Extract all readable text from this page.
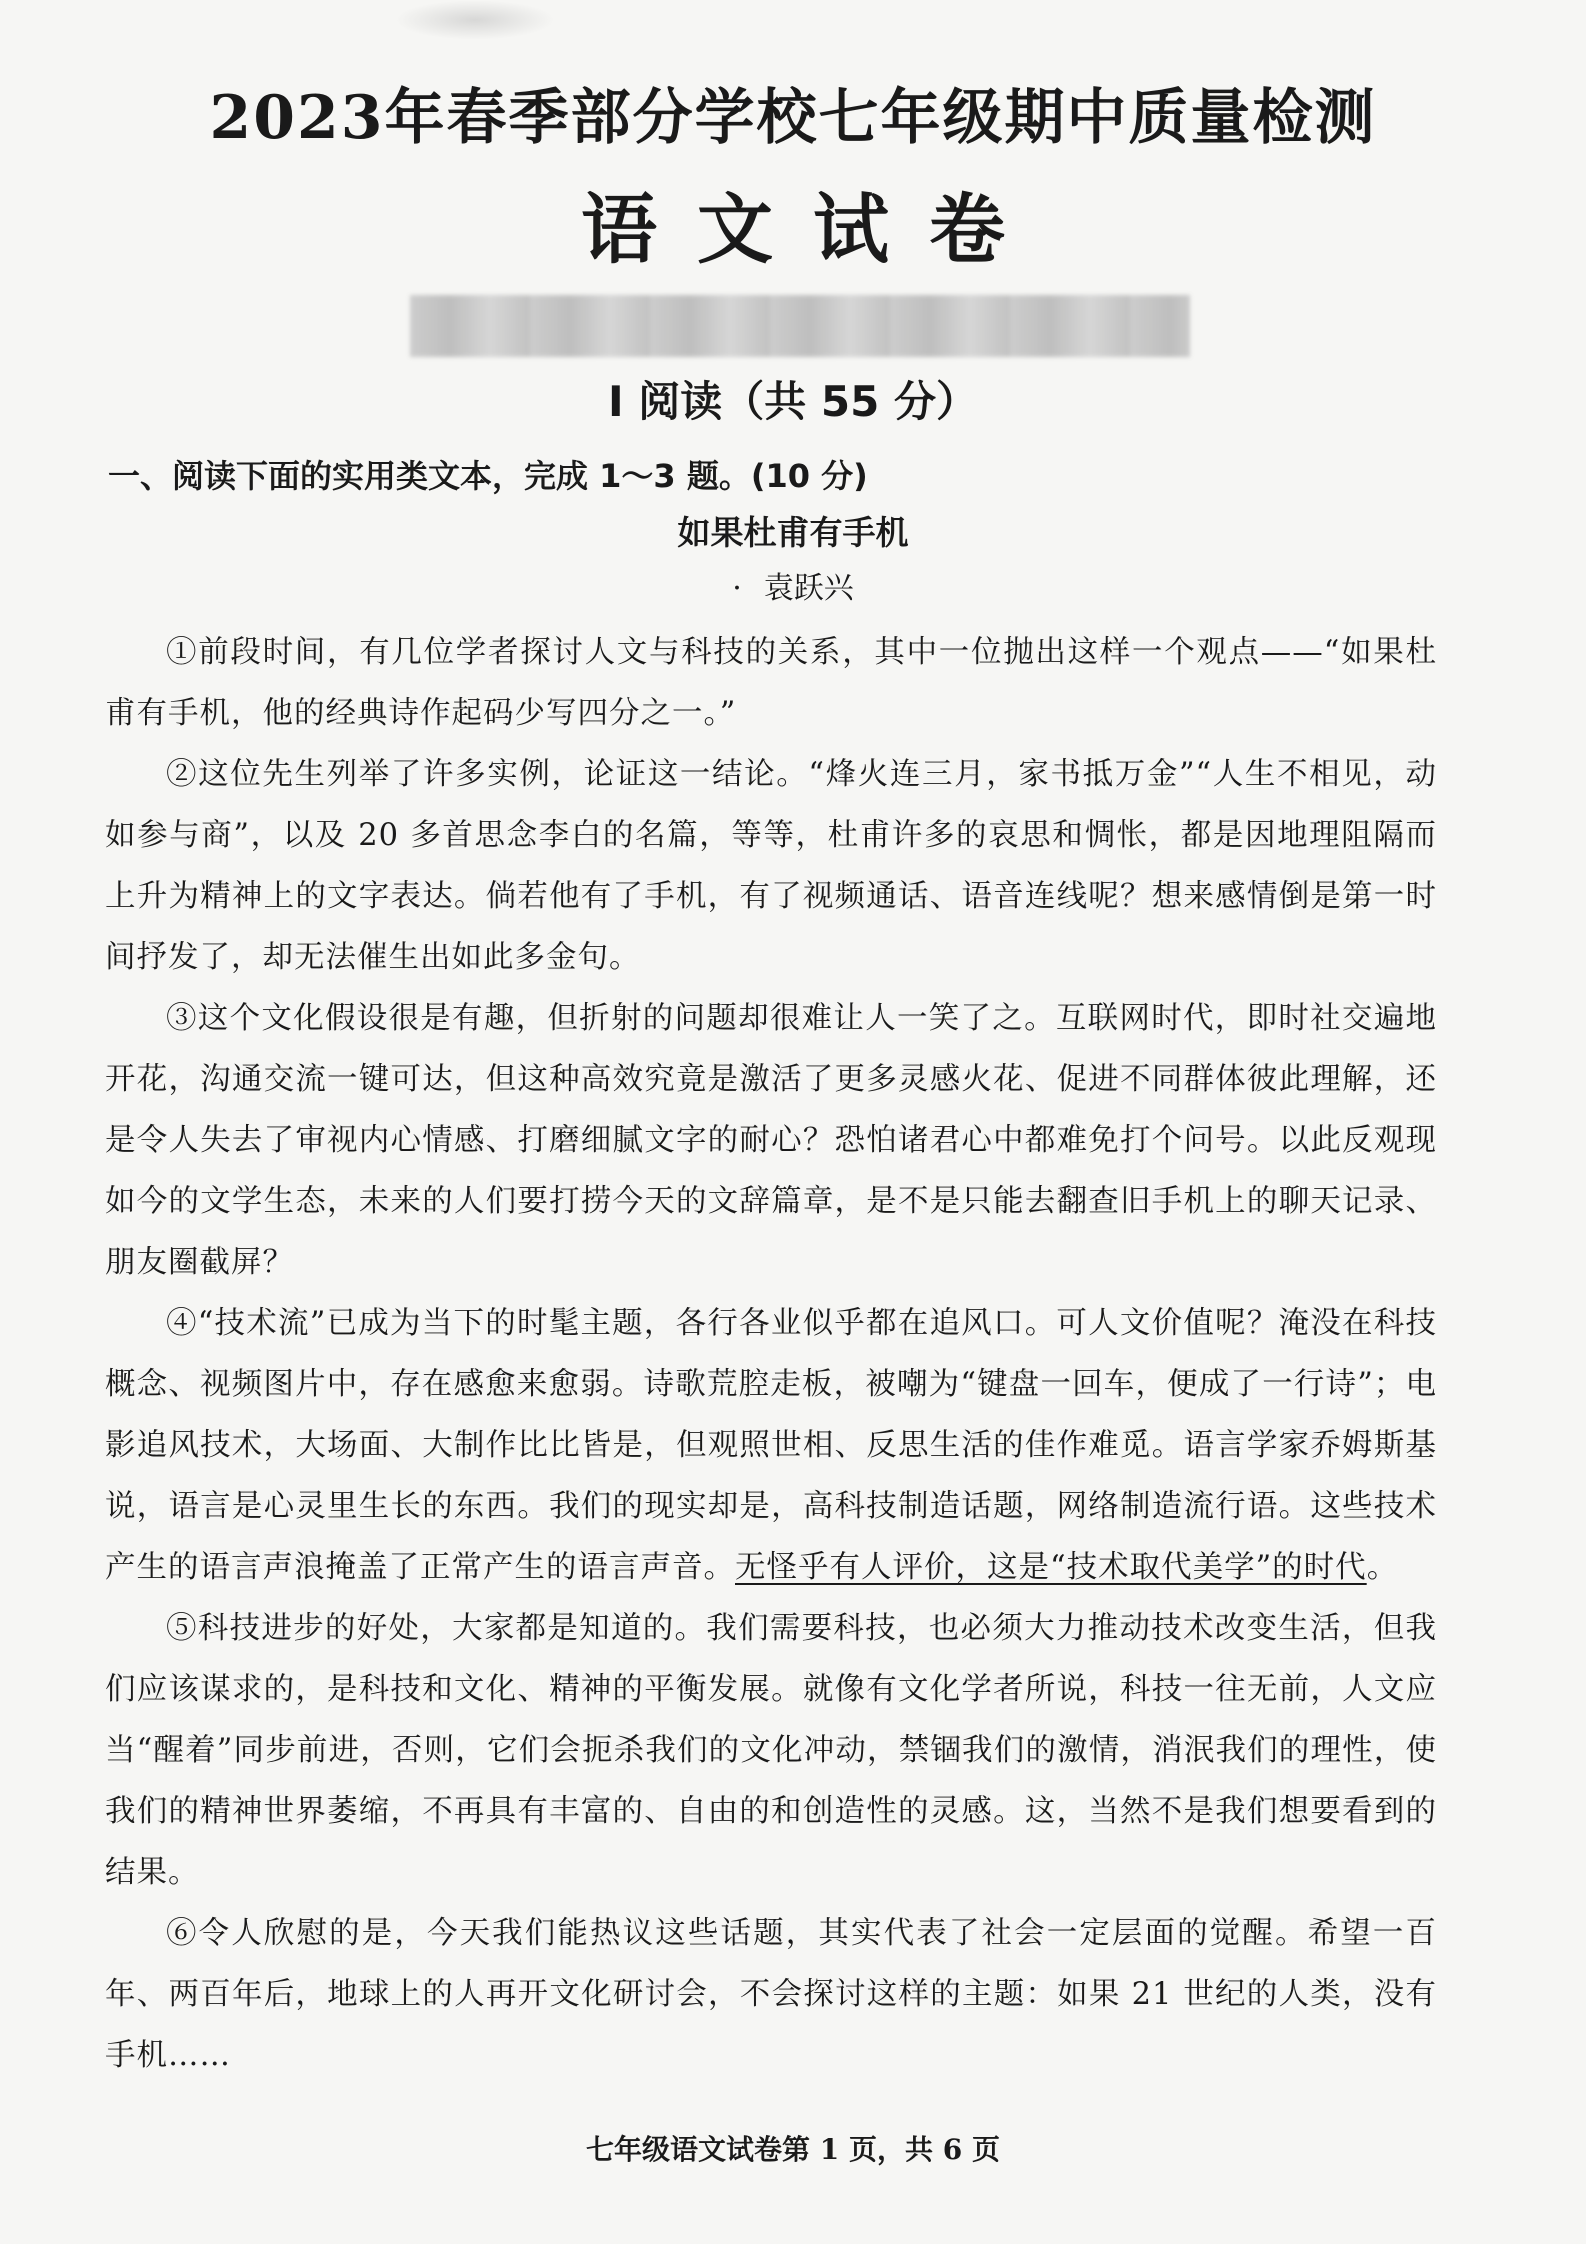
2023年春季部分学校七年级期中质量检测
语文试卷
Ⅰ 阅读（共 55 分）
一、阅读下面的实用类文本，完成 1～3 题。(10 分)
如果杜甫有手机
· 袁跃兴

①前段时间，有几位学者探讨人文与科技的关系，其中一位抛出这样一个观点——“如果杜甫有手机，他的经典诗作起码少写四分之一。”

②这位先生列举了许多实例，论证这一结论。“烽火连三月，家书抵万金”“人生不相见，动如参与商”，以及 20 多首思念李白的名篇，等等，杜甫许多的哀思和惆怅，都是因地理阻隔而上升为精神上的文字表达。倘若他有了手机，有了视频通话、语音连线呢？想来感情倒是第一时间抒发了，却无法催生出如此多金句。

③这个文化假设很是有趣，但折射的问题却很难让人一笑了之。互联网时代，即时社交遍地开花，沟通交流一键可达，但这种高效究竟是激活了更多灵感火花、促进不同群体彼此理解，还是令人失去了审视内心情感、打磨细腻文字的耐心？恐怕诸君心中都难免打个问号。以此反观现如今的文学生态，未来的人们要打捞今天的文辞篇章，是不是只能去翻查旧手机上的聊天记录、朋友圈截屏？

④“技术流”已成为当下的时髦主题，各行各业似乎都在追风口。可人文价值呢？淹没在科技概念、视频图片中，存在感愈来愈弱。诗歌荒腔走板，被嘲为“键盘一回车，便成了一行诗”；电影追风技术，大场面、大制作比比皆是，但观照世相、反思生活的佳作难觅。语言学家乔姆斯基说，语言是心灵里生长的东西。我们的现实却是，高科技制造话题，网络制造流行语。这些技术产生的语言声浪掩盖了正常产生的语言声音。无怪乎有人评价，这是“技术取代美学”的时代。

⑤科技进步的好处，大家都是知道的。我们需要科技，也必须大力推动技术改变生活，但我们应该谋求的，是科技和文化、精神的平衡发展。就像有文化学者所说，科技一往无前，人文应当“醒着”同步前进，否则，它们会扼杀我们的文化冲动，禁锢我们的激情，消泯我们的理性，使我们的精神世界萎缩，不再具有丰富的、自由的和创造性的灵感。这，当然不是我们想要看到的结果。

⑥令人欣慰的是，今天我们能热议这些话题，其实代表了社会一定层面的觉醒。希望一百年、两百年后，地球上的人再开文化研讨会，不会探讨这样的主题：如果 21 世纪的人类，没有手机……

七年级语文试卷第 1 页，共 6 页
